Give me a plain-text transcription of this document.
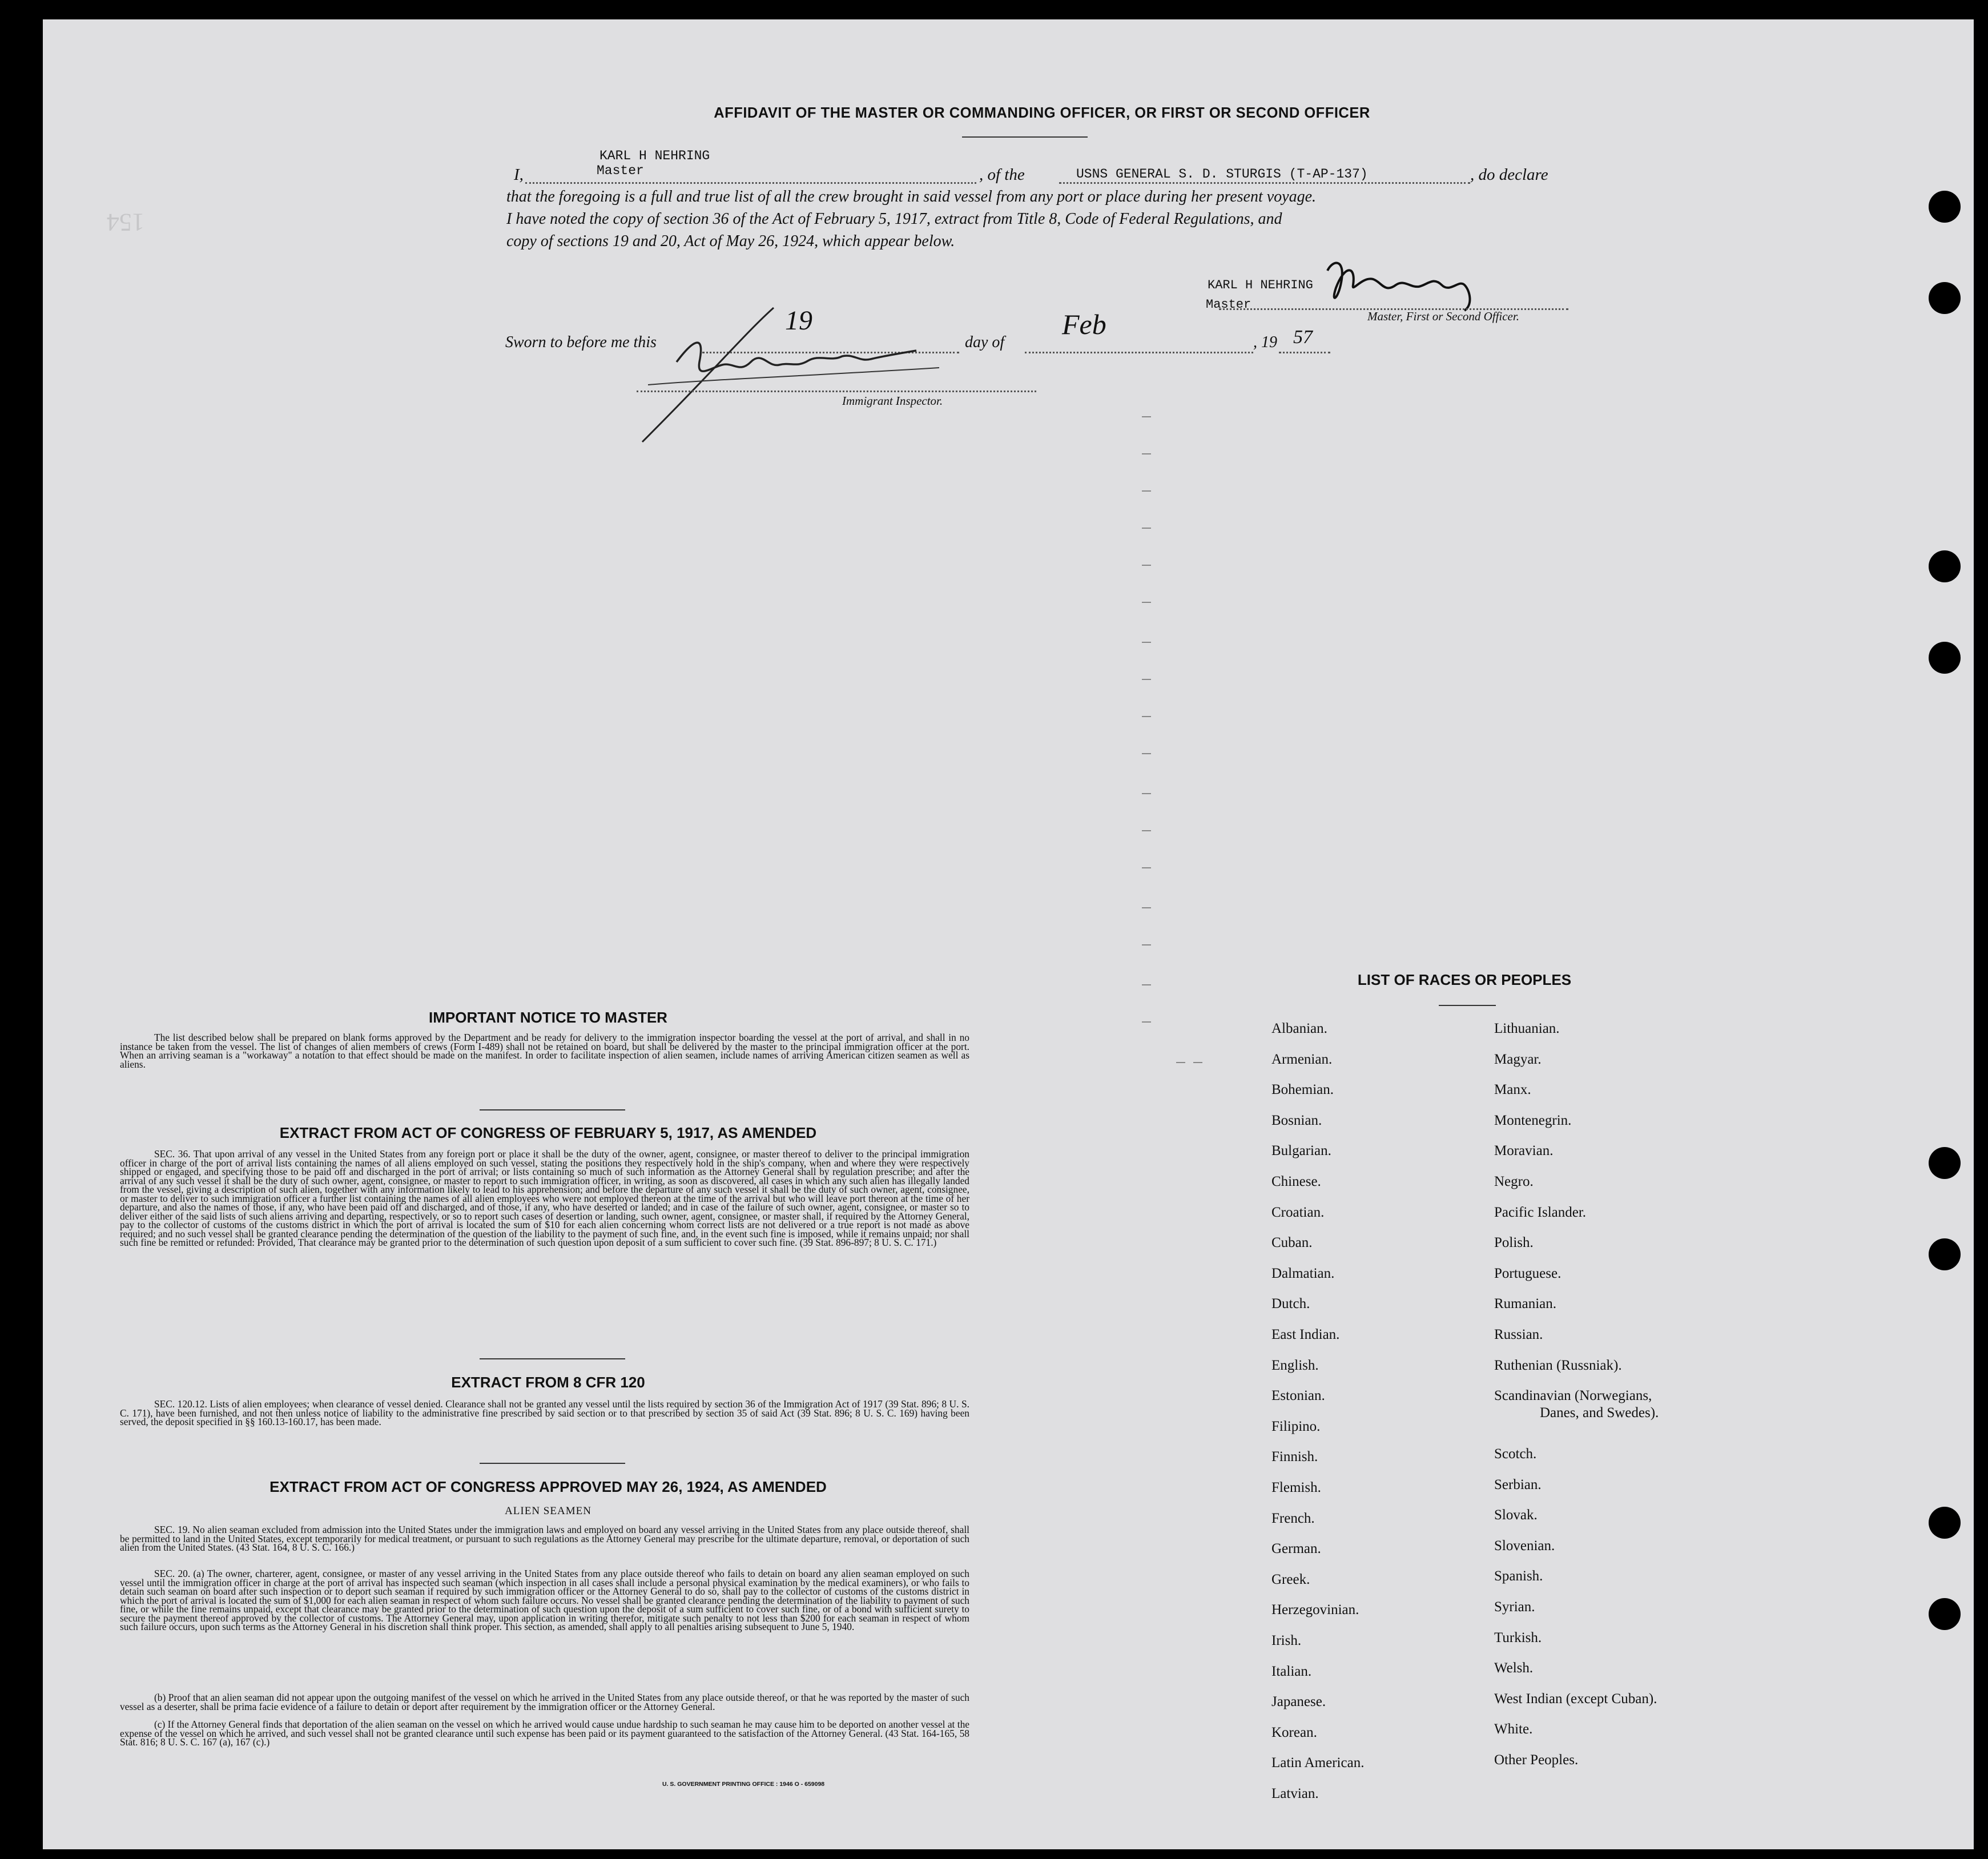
AFFIDAVIT OF THE MASTER OR COMMANDING OFFICER, OR FIRST OR SECOND OFFICER
KARL H NEHRING
Master
I,	, of the	USNS GENERAL S. D. STURGIS (T-AP-137)	, do declare
that the foregoing is a full and true list of all the crew brought in said vessel from any port or place during her present voyage.
I have noted the copy of section 36 of the Act of February 5, 1917, extract from Title 8, Code of Federal Regulations, and
copy of sections 19 and 20, Act of May 26, 1924, which appear below.
154
KARL H NEHRING
Master
Master, First or Second Officer.
Sworn to before me this
19
day of
Feb
, 19 57
Immigrant Inspector.
IMPORTANT NOTICE TO MASTER
The list described below shall be prepared on blank forms approved by the Department and be ready for delivery to the immigration inspector boarding the vessel at the port of arrival, and shall in no instance be taken from the vessel. The list of changes of alien members of crews (Form I-489) shall not be retained on board, but shall be delivered by the master to the principal immigration officer at the port. When an arriving seaman is a "workaway" a notation to that effect should be made on the manifest. In order to facilitate inspection of alien seamen, include names of arriving American citizen seamen as well as aliens.
EXTRACT FROM ACT OF CONGRESS OF FEBRUARY 5, 1917, AS AMENDED
SEC. 36. That upon arrival of any vessel in the United States from any foreign port or place it shall be the duty of the owner, agent, consignee, or master thereof to deliver to the principal immigration officer in charge of the port of arrival lists containing the names of all aliens employed on such vessel, stating the positions they respectively hold in the ship's company, when and where they were respectively shipped or engaged, and specifying those to be paid off and discharged in the port of arrival; or lists containing so much of such information as the Attorney General shall by regulation prescribe; and after the arrival of any such vessel it shall be the duty of such owner, agent, consignee, or master to report to such immigration officer, in writing, as soon as discovered, all cases in which any such alien has illegally landed from the vessel, giving a description of such alien, together with any information likely to lead to his apprehension; and before the departure of any such vessel it shall be the duty of such owner, agent, consignee, or master to deliver to such immigration officer a further list containing the names of all alien employees who were not employed thereon at the time of the arrival but who will leave port thereon at the time of her departure, and also the names of those, if any, who have been paid off and discharged, and of those, if any, who have deserted or landed; and in case of the failure of such owner, agent, consignee, or master so to deliver either of the said lists of such aliens arriving and departing, respectively, or so to report such cases of desertion or landing, such owner, agent, consignee, or master shall, if required by the Attorney General, pay to the collector of customs of the customs district in which the port of arrival is located the sum of $10 for each alien concerning whom correct lists are not delivered or a true report is not made as above required; and no such vessel shall be granted clearance pending the determination of the question of the liability to the payment of such fine, and, in the event such fine is imposed, while it remains unpaid; nor shall such fine be remitted or refunded: Provided, That clearance may be granted prior to the determination of such question upon deposit of a sum sufficient to cover such fine. (39 Stat. 896-897; 8 U. S. C. 171.)
EXTRACT FROM 8 CFR 120
SEC. 120.12. Lists of alien employees; when clearance of vessel denied. Clearance shall not be granted any vessel until the lists required by section 36 of the Immigration Act of 1917 (39 Stat. 896; 8 U. S. C. 171), have been furnished, and not then unless notice of liability to the administrative fine prescribed by said section or to that prescribed by section 35 of said Act (39 Stat. 896; 8 U. S. C. 169) having been served, the deposit specified in §§ 160.13-160.17, has been made.
EXTRACT FROM ACT OF CONGRESS APPROVED MAY 26, 1924, AS AMENDED
ALIEN SEAMEN
SEC. 19. No alien seaman excluded from admission into the United States under the immigration laws and employed on board any vessel arriving in the United States from any place outside thereof, shall be permitted to land in the United States, except temporarily for medical treatment, or pursuant to such regulations as the Attorney General may prescribe for the ultimate departure, removal, or deportation of such alien from the United States. (43 Stat. 164, 8 U. S. C. 166.)
SEC. 20. (a) The owner, charterer, agent, consignee, or master of any vessel arriving in the United States from any place outside thereof who fails to detain on board any alien seaman employed on such vessel until the immigration officer in charge at the port of arrival has inspected such seaman (which inspection in all cases shall include a personal physical examination by the medical examiners), or who fails to detain such seaman on board after such inspection or to deport such seaman if required by such immigration officer or the Attorney General to do so, shall pay to the collector of customs of the customs district in which the port of arrival is located the sum of $1,000 for each alien seaman in respect of whom such failure occurs. No vessel shall be granted clearance pending the determination of the liability to payment of such fine, or while the fine remains unpaid, except that clearance may be granted prior to the determination of such question upon the deposit of a sum sufficient to cover such fine, or of a bond with sufficient surety to secure the payment thereof approved by the collector of customs. The Attorney General may, upon application in writing therefor, mitigate such penalty to not less than $200 for each seaman in respect of whom such failure occurs, upon such terms as the Attorney General in his discretion shall think proper. This section, as amended, shall apply to all penalties arising subsequent to June 5, 1940.
(b) Proof that an alien seaman did not appear upon the outgoing manifest of the vessel on which he arrived in the United States from any place outside thereof, or that he was reported by the master of such vessel as a deserter, shall be prima facie evidence of a failure to detain or deport after requirement by the immigration officer or the Attorney General.
(c) If the Attorney General finds that deportation of the alien seaman on the vessel on which he arrived would cause undue hardship to such seaman he may cause him to be deported on another vessel at the expense of the vessel on which he arrived, and such vessel shall not be granted clearance until such expense has been paid or its payment guaranteed to the satisfaction of the Attorney General. (43 Stat. 164-165, 58 Stat. 816; 8 U. S. C. 167 (a), 167 (c).)
U. S. GOVERNMENT PRINTING OFFICE : 1946 O - 659098
LIST OF RACES OR PEOPLES
Albanian.
Armenian.
Bohemian.
Bosnian.
Bulgarian.
Chinese.
Croatian.
Cuban.
Dalmatian.
Dutch.
East Indian.
English.
Estonian.
Filipino.
Finnish.
Flemish.
French.
German.
Greek.
Herzegovinian.
Irish.
Italian.
Japanese.
Korean.
Latin American.
Latvian.
Lithuanian.
Magyar.
Manx.
Montenegrin.
Moravian.
Negro.
Pacific Islander.
Polish.
Portuguese.
Rumanian.
Russian.
Ruthenian (Russniak).
Scandinavian (Norwegians,
Danes, and Swedes).
Scotch.
Serbian.
Slovak.
Slovenian.
Spanish.
Syrian.
Turkish.
Welsh.
West Indian (except Cuban).
White.
Other Peoples.
